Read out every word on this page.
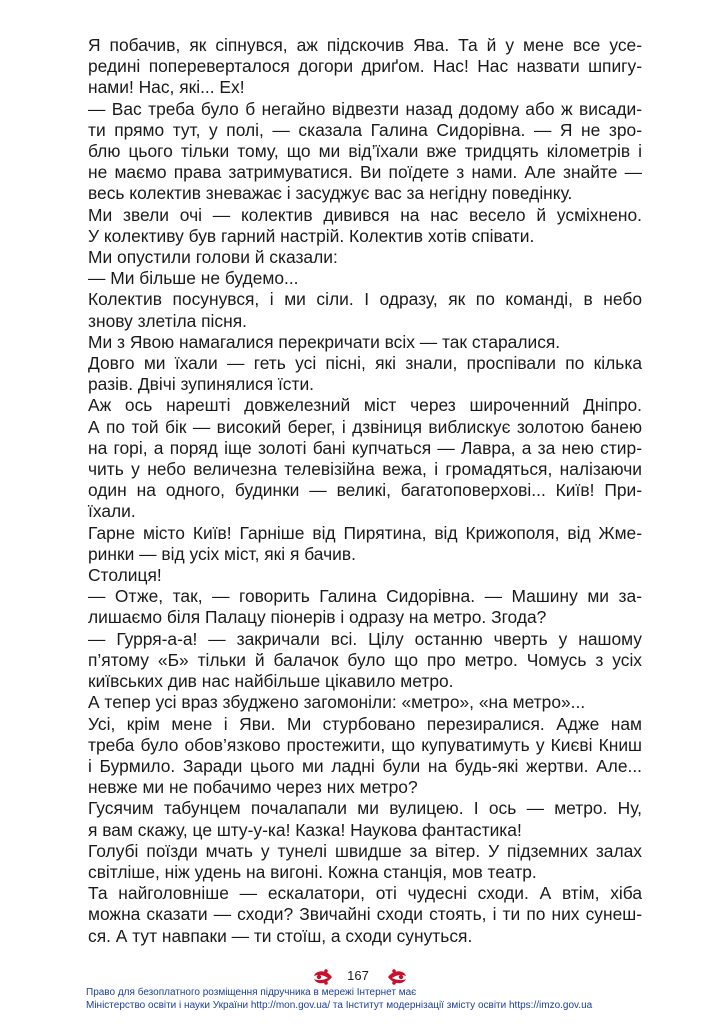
Я побачив, як сіпнувся, аж підскочив Ява. Та й у мене все усе-
редині попереверталося догори дриґом. Нас! Нас назвати шпигу-
нами! Нас, які... Ех!

— Вас треба було б негайно відвезти назад додому або ж висади-
ти прямо тут, у полі, — сказала Галина Сидорівна. — Я не зро-
блю цього тільки тому, що ми від’їхали вже тридцять кілометрів і
не маємо права затримуватися. Ви поїдете з нами. Але знайте —
весь колектив зневажає і засуджує вас за негідну поведінку.

Ми звели очі — колектив дивився на нас весело й усміхнено.
У колективу був гарний настрій. Колектив хотів співати.

Ми опустили голови й сказали:

— Ми більше не будемо...

Колектив посунувся, і ми сіли. І одразу, як по команді, в небо
знову злетіла пісня.

Ми з Явою намагалися перекричати всіх — так старалися.

Довго ми їхали — геть усі пісні, які знали, проспівали по кілька
разів. Двічі зупинялися їсти.

Аж ось нарешті довжелезний міст через широченний Дніпро.
А по той бік — високий берег, і дзвіниця виблискує золотою банею
на горі, а поряд іще золоті бані купчаться — Лавра, а за нею стир-
чить у небо величезна телевізійна вежа, і громадяться, налізаючи
один на одного, будинки — великі, багатоповерхові... Київ! При-
їхали.

Гарне місто Київ! Гарніше від Пирятина, від Крижополя, від Жме-
ринки — від усіх міст, які я бачив.

Столиця!

— Отже, так, — говорить Галина Сидорівна. — Машину ми за-
лишаємо біля Палацу піонерів і одразу на метро. Згода?

— Гурря-а-а! — закричали всі. Цілу останню чверть у нашому
п’ятому «Б» тільки й балачок було що про метро. Чомусь з усіх
київських див нас найбільше цікавило метро.

А тепер усі враз збуджено загомоніли: «метро», «на метро»...

Усі, крім мене і Яви. Ми стурбовано перезиралися. Адже нам
треба було обов’язково простежити, що купуватимуть у Києві Книш
і Бурмило. Заради цього ми ладні були на будь-які жертви. Але...
невже ми не побачимо через них метро?

Гусячим табунцем почалапали ми вулицею. І ось — метро. Ну,
я вам скажу, це шту-у-ка! Казка! Наукова фантастика!

Голубі поїзди мчать у тунелі швидше за вітер. У підземних залах
світліше, ніж удень на вигоні. Кожна станція, мов театр.

Та найголовніше — ескалатори, оті чудесні сходи. А втім, хіба
можна сказати — сходи? Звичайні сходи стоять, і ти по них сунеш-
ся. А тут навпаки — ти стоїш, а сходи сунуться.

167
Право для безоплатного розміщення підручника в мережі Інтернет має
Міністерство освіти і науки України http://mon.gov.ua/ та Інститут модернізації змісту освіти https://imzo.gov.ua
